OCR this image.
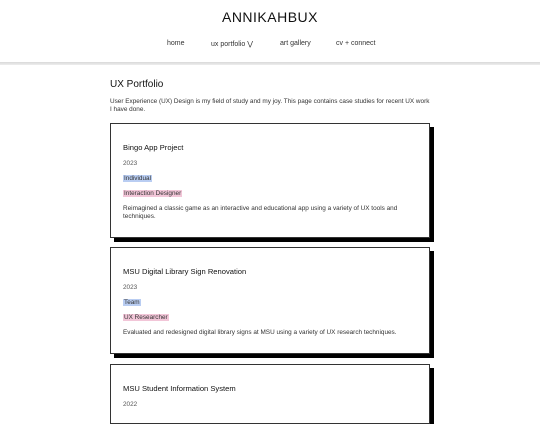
ANNIKAHBUX
home	ux portfolio ⋁	art gallery	cv + connect
UX Portfolio

User Experience (UX) Design is my field of study and my joy. This page contains case studies for recent UX work I have done.

Bingo App Project
2023
Individual
Interaction Designer
Reimagined a classic game as an interactive and educational app using a variety of UX tools and techniques.
MSU Digital Library Sign Renovation
2023
Team
UX Researcher
Evaluated and redesigned digital library signs at MSU using a variety of UX research techniques.
MSU Student Information System
2022
